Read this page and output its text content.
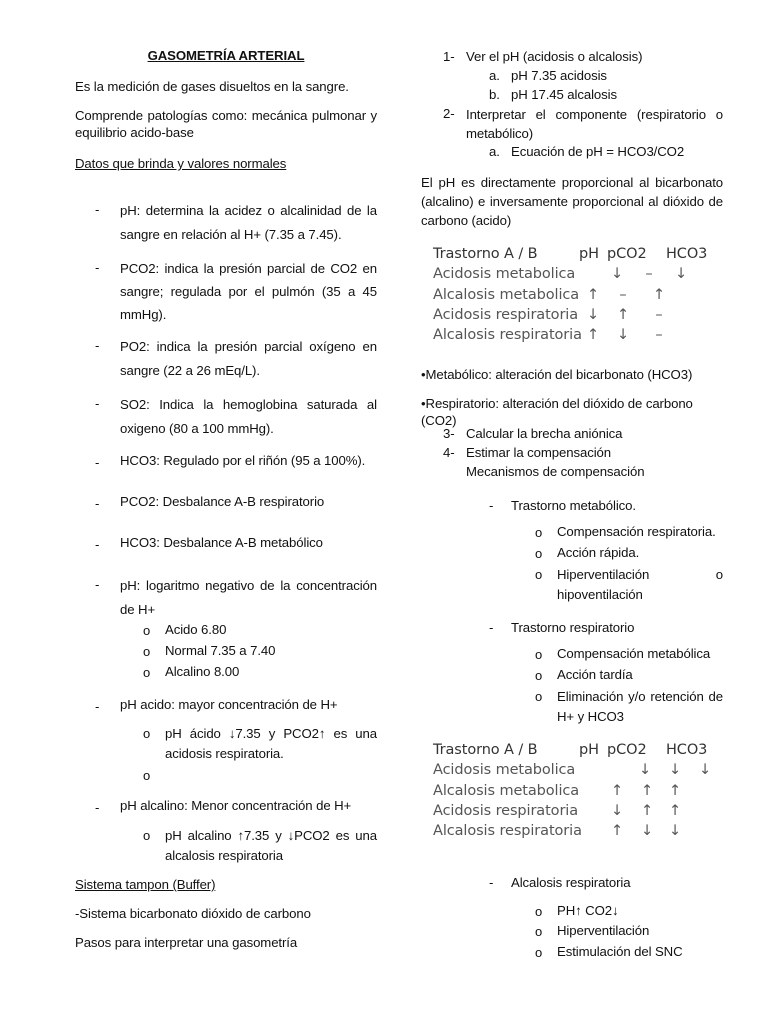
GASOMETRÍA ARTERIAL

Es la medición de gases disueltos en la sangre.

Comprende patologías como: mecánica pulmonar y equilibrio acido-base

Datos que brinda y valores normales

- pH: determina la acidez o alcalinidad de la sangre en relación al H+ (7.35 a 7.45).

- PCO2: indica la presión parcial de CO2 en sangre; regulada por el pulmón (35 a 45 mmHg).

- PO2: indica la presión parcial oxígeno en sangre (22 a 26 mEq/L).

- SO2: Indica la hemoglobina saturada al oxigeno (80 a 100 mmHg).

- HCO3: Regulado por el riñón (95 a 100%).

- PCO2: Desbalance A-B respiratorio

- HCO3: Desbalance A-B metabólico

- pH: logaritmo negativo de la concentración de H+

o Acido 6.80

o Normal 7.35 a 7.40

o Alcalino 8.00

- pH acido: mayor concentración de H+

o pH ácido ↓7.35 y PCO2↑ es una acidosis respiratoria.

o

- pH alcalino: Menor concentración de H+

o pH alcalino ↑7.35 y ↓PCO2 es una alcalosis respiratoria

Sistema tampon (Buffer)

-Sistema bicarbonato dióxido de carbono

Pasos para interpretar una gasometría

1- Ver el pH (acidosis o alcalosis)

a. pH 7.35 acidosis

b. pH 17.45 alcalosis

2- Interpretar el componente (respiratorio o metabólico)

a. Ecuación de pH = HCO3/CO2

El pH es directamente proporcional al bicarbonato (alcalino) e inversamente proporcional al dióxido de carbono (acido)

Trastorno A / B	pH pCO2 HCO3
Acidosis metabolica	↓	–	↓
Alcalosis metabolica ↑	–	↑
Acidosis respiratoria ↓	↑	–
Alcalosis respiratoria ↑	↓	–

•Metabólico: alteración del bicarbonato (HCO3)

•Respiratorio: alteración del dióxido de carbono (CO2)

3- Calcular la brecha aniónica

4- Estimar la compensación

Mecanismos de compensación

- Trastorno metabólico.

o Compensación respiratoria.

o Acción rápida.

o Hiperventilación o hipoventilación

- Trastorno respiratorio

o Compensación metabólica

o Acción tardía

o Eliminación y/o retención de H+ y HCO3

Trastorno A / B	pH pCO2 HCO3
Acidosis metabolica	↓	↓	↓
Alcalosis metabolica	↑	↑	↑
Acidosis respiratoria	↓	↑	↑
Alcalosis respiratoria	↑	↓	↓
- Alcalosis respiratoria

o PH↑ CO2↓

o Hiperventilación

o Estimulación del SNC
